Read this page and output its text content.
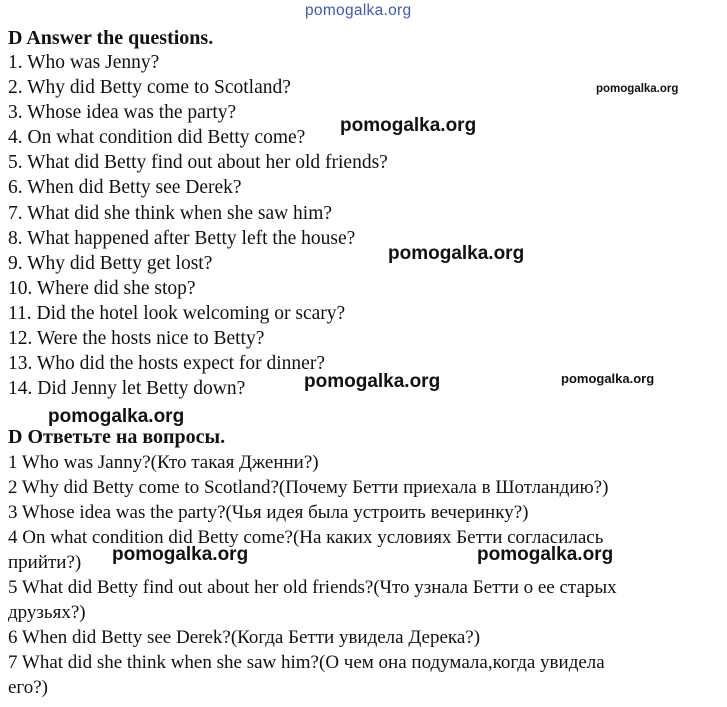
D Answer the questions.
1. Who was Jenny?
2. Why did Betty come to Scotland?
3. Whose idea was the party?
4. On what condition did Betty come?
5. What did Betty find out about her old friends?
6. When did Betty see Derek?
7. What did she think when she saw him?
8. What happened after Betty left the house?
9. Why did Betty get lost?
10. Where did she stop?
11. Did the hotel look welcoming or scary?
12. Were the hosts nice to Betty?
13. Who did the hosts expect for dinner?
14. Did Jenny let Betty down?
D Ответьте на вопросы.
1 Who was Janny?(Кто такая Дженни?)
2 Why did Betty come to Scotland?(Почему Бетти приехала в Шотландию?)
3 Whose idea was the party?(Чья идея была устроить вечеринку?)
4 On what condition did Betty come?(На каких условиях Бетти согласилась
прийти?)
5 What did Betty find out about her old friends?(Что узнала Бетти о ее старых
друзьях?)
6 When did Betty see Derek?(Когда Бетти увидела Дерека?)
7 What did she think when she saw him?(О чем она подумала,когда увидела
его?)
pomogalka.org
pomogalka.org
pomogalka.org
pomogalka.org
pomogalka.org	pomogalka.org
pomogalka.org
pomogalka.org	pomogalka.org
